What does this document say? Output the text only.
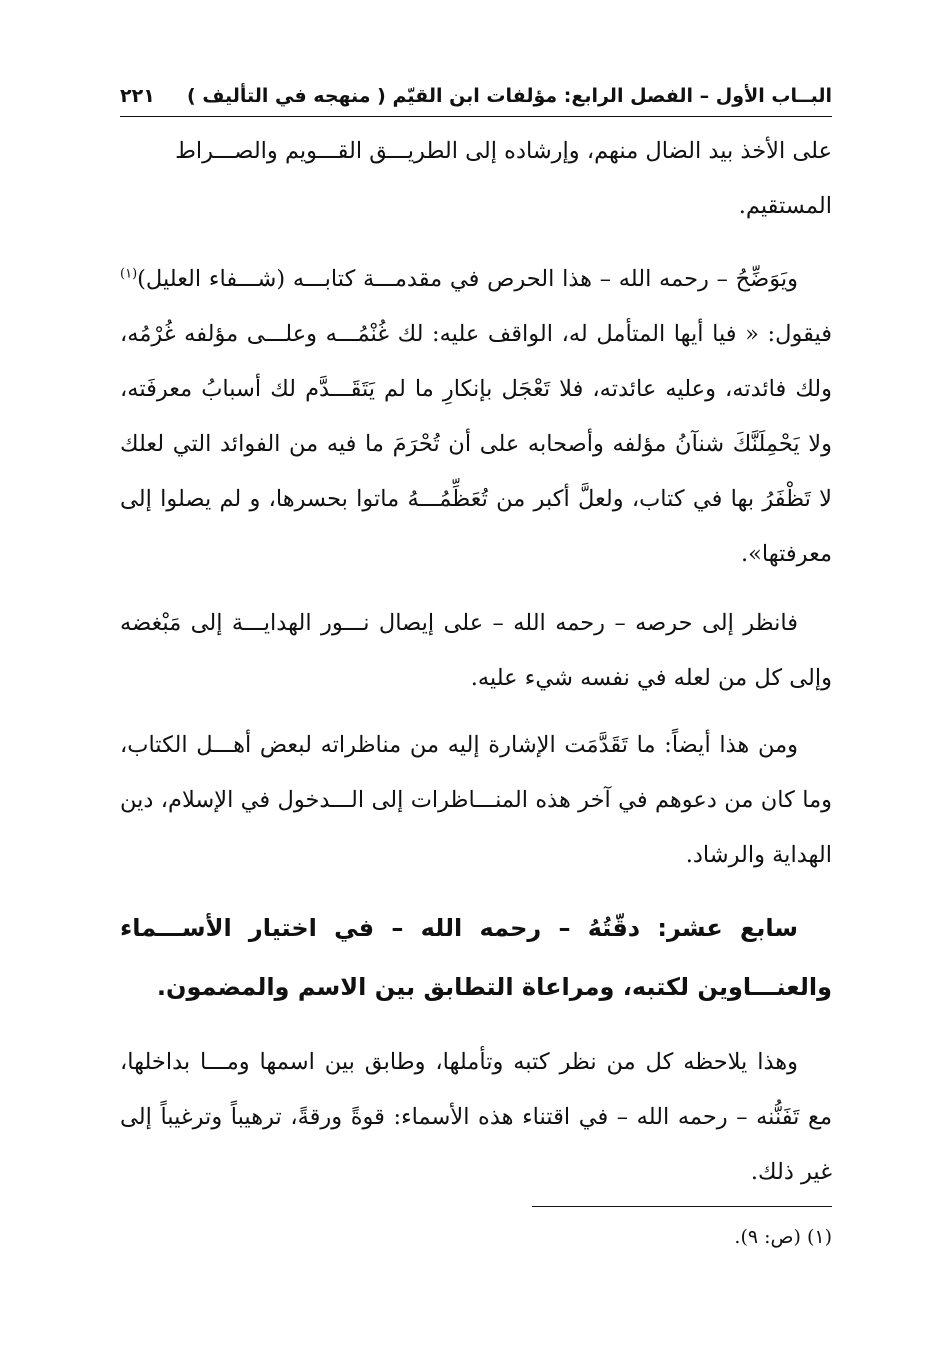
البــاب الأول – الفصل الرابع: مؤلفات ابن القيّم ( منهجه في التأليف )
٢٢١

على الأخذ بيد الضال منهم، وإرشاده إلى الطريـــق القـــويم والصـــراط

المستقيم.

ويَوَضِّحُ – رحمه الله – هذا الحرص في مقدمـــة كتابـــه (شـــفاء العليل)$^{(١)}$ فيقول: « فيا أيها المتأمل له، الواقف عليه: لك غُنْمُـــه وعلـــى مؤلفه غُرْمُه، ولك فائدته، وعليه عائدته، فلا تَعْجَل بإنكارِ ما لم يَتَقَـــدَّم لك أسبابُ معرفَته، ولا يَحْمِلَنَّكَ شنآنُ مؤلفه وأصحابه على أن تُحْرَمَ ما فيه من الفوائد التي لعلك لا تَظْفَرُ بها في كتاب، ولعلَّ أكبر من تُعَظِّمُـــهُ ماتوا بحسرها، و لم يصلوا إلى معرفتها».

فانظر إلى حرصه – رحمه الله – على إيصال نـــور الهدايـــة إلى مَبْغضه وإلى كل من لعله في نفسه شيء عليه.

ومن هذا أيضاً: ما تَقَدَّمَت الإشارة إليه من مناظراته لبعض أهـــل الكتاب، وما كان من دعوهم في آخر هذه المنـــاظرات إلى الـــدخول في الإسلام، دين الهداية والرشاد.

سابع عشر: دقّتُهُ – رحمه الله – في اختيار الأســـماء والعنـــاوين لكتبه، ومراعاة التطابق بين الاسم والمضمون.

وهذا يلاحظه كل من نظر كتبه وتأملها، وطابق بين اسمها ومـــا بداخلها، مع تَفَنُّنه – رحمه الله – في اقتناء هذه الأسماء: قوةً ورقةً، ترهيباً وترغيباً إلى غير ذلك.

(١) (ص: ٩).
